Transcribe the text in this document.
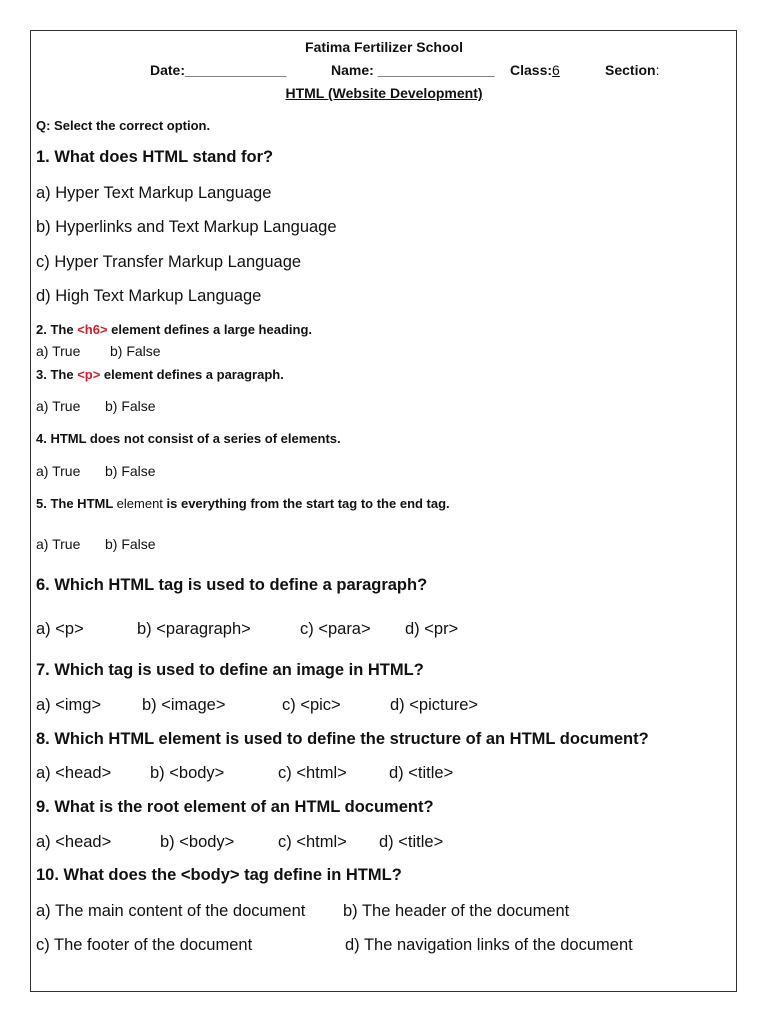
Fatima Fertilizer School
Date:_____________	Name: _______________ Class:6	Section:
HTML (Website Development)
Q: Select the correct option.
1. What does HTML stand for?
a) Hyper Text Markup Language
b) Hyperlinks and Text Markup Language
c) Hyper Transfer Markup Language
d) High Text Markup Language
2. The <h6> element defines a large heading.
a) True b) False
3. The <p> element defines a paragraph.
a) True b) False
4. HTML does not consist of a series of elements.
a) True b) False
5. The HTML element is everything from the start tag to the end tag.
a) True b) False
6. Which HTML tag is used to define a paragraph?
a) <p>	b) <paragraph>	c) <para> d) <pr>
7. Which tag is used to define an image in HTML?
a) <img> b) <image>	c) <pic>	d) <picture>
8. Which HTML element is used to define the structure of an HTML document?
a) <head> b) <body>	c) <html>	d) <title>
9. What is the root element of an HTML document?
a) <head>	b) <body>	c) <html> d) <title>
10. What does the <body> tag define in HTML?
a) The main content of the document b) The header of the document
c) The footer of the document	d) The navigation links of the document
